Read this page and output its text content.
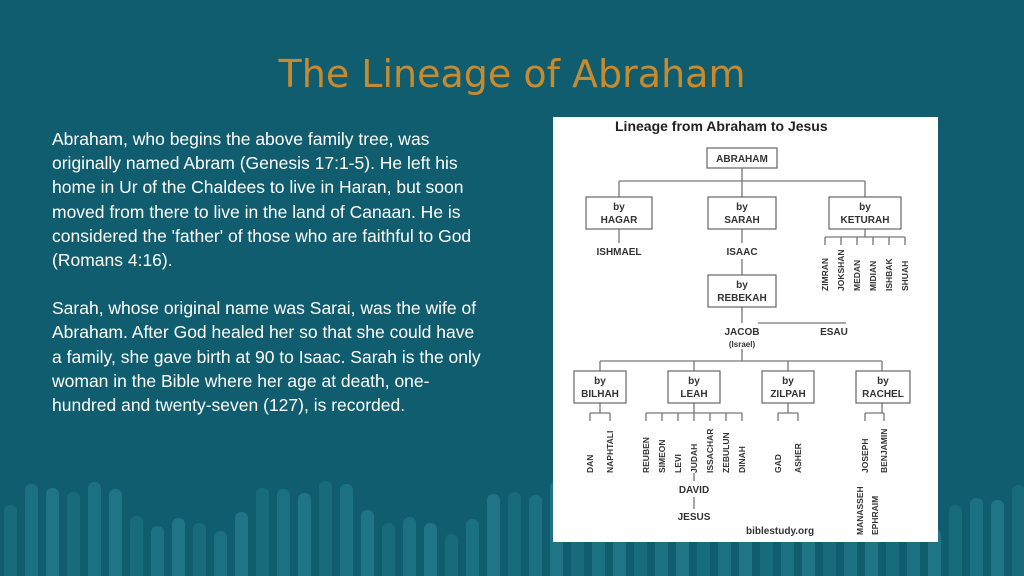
The Lineage of Abraham

Abraham, who begins the above family tree, was originally named Abram (Genesis 17:1-5). He left his home in Ur of the Chaldees to live in Haran, but soon moved from there to live in the land of Canaan. He is considered the 'father' of those who are faithful to God (Romans 4:16).

Sarah, whose original name was Sarai, was the wife of Abraham. After God healed her so that she could have a family, she gave birth at 90 to Isaac. Sarah is the only woman in the Bible where her age at death, one-hundred and twenty-seven (127), is recorded.

Lineage from Abraham to Jesus
ABRAHAM
by
HAGAR
by
SARAH
by
KETURAH
ISHMAEL	ISAAC
ZIMRAN JOKSHAN MEDAN MIDIAN ISHBAK SHUAH
by
REBEKAH
JACOB
(Israel)
ESAU
by
BILHAH
by
LEAH
by
ZILPAH
by
RACHEL
DAN NAPHTALI	REUBEN SIMEON LEVI JUDAH ISSACHAR ZEBULUN DINAH	GAD ASHER	JOSEPH BENJAMIN
MANASSEH EPHRAIM
DAVID
JESUS
biblestudy.org
